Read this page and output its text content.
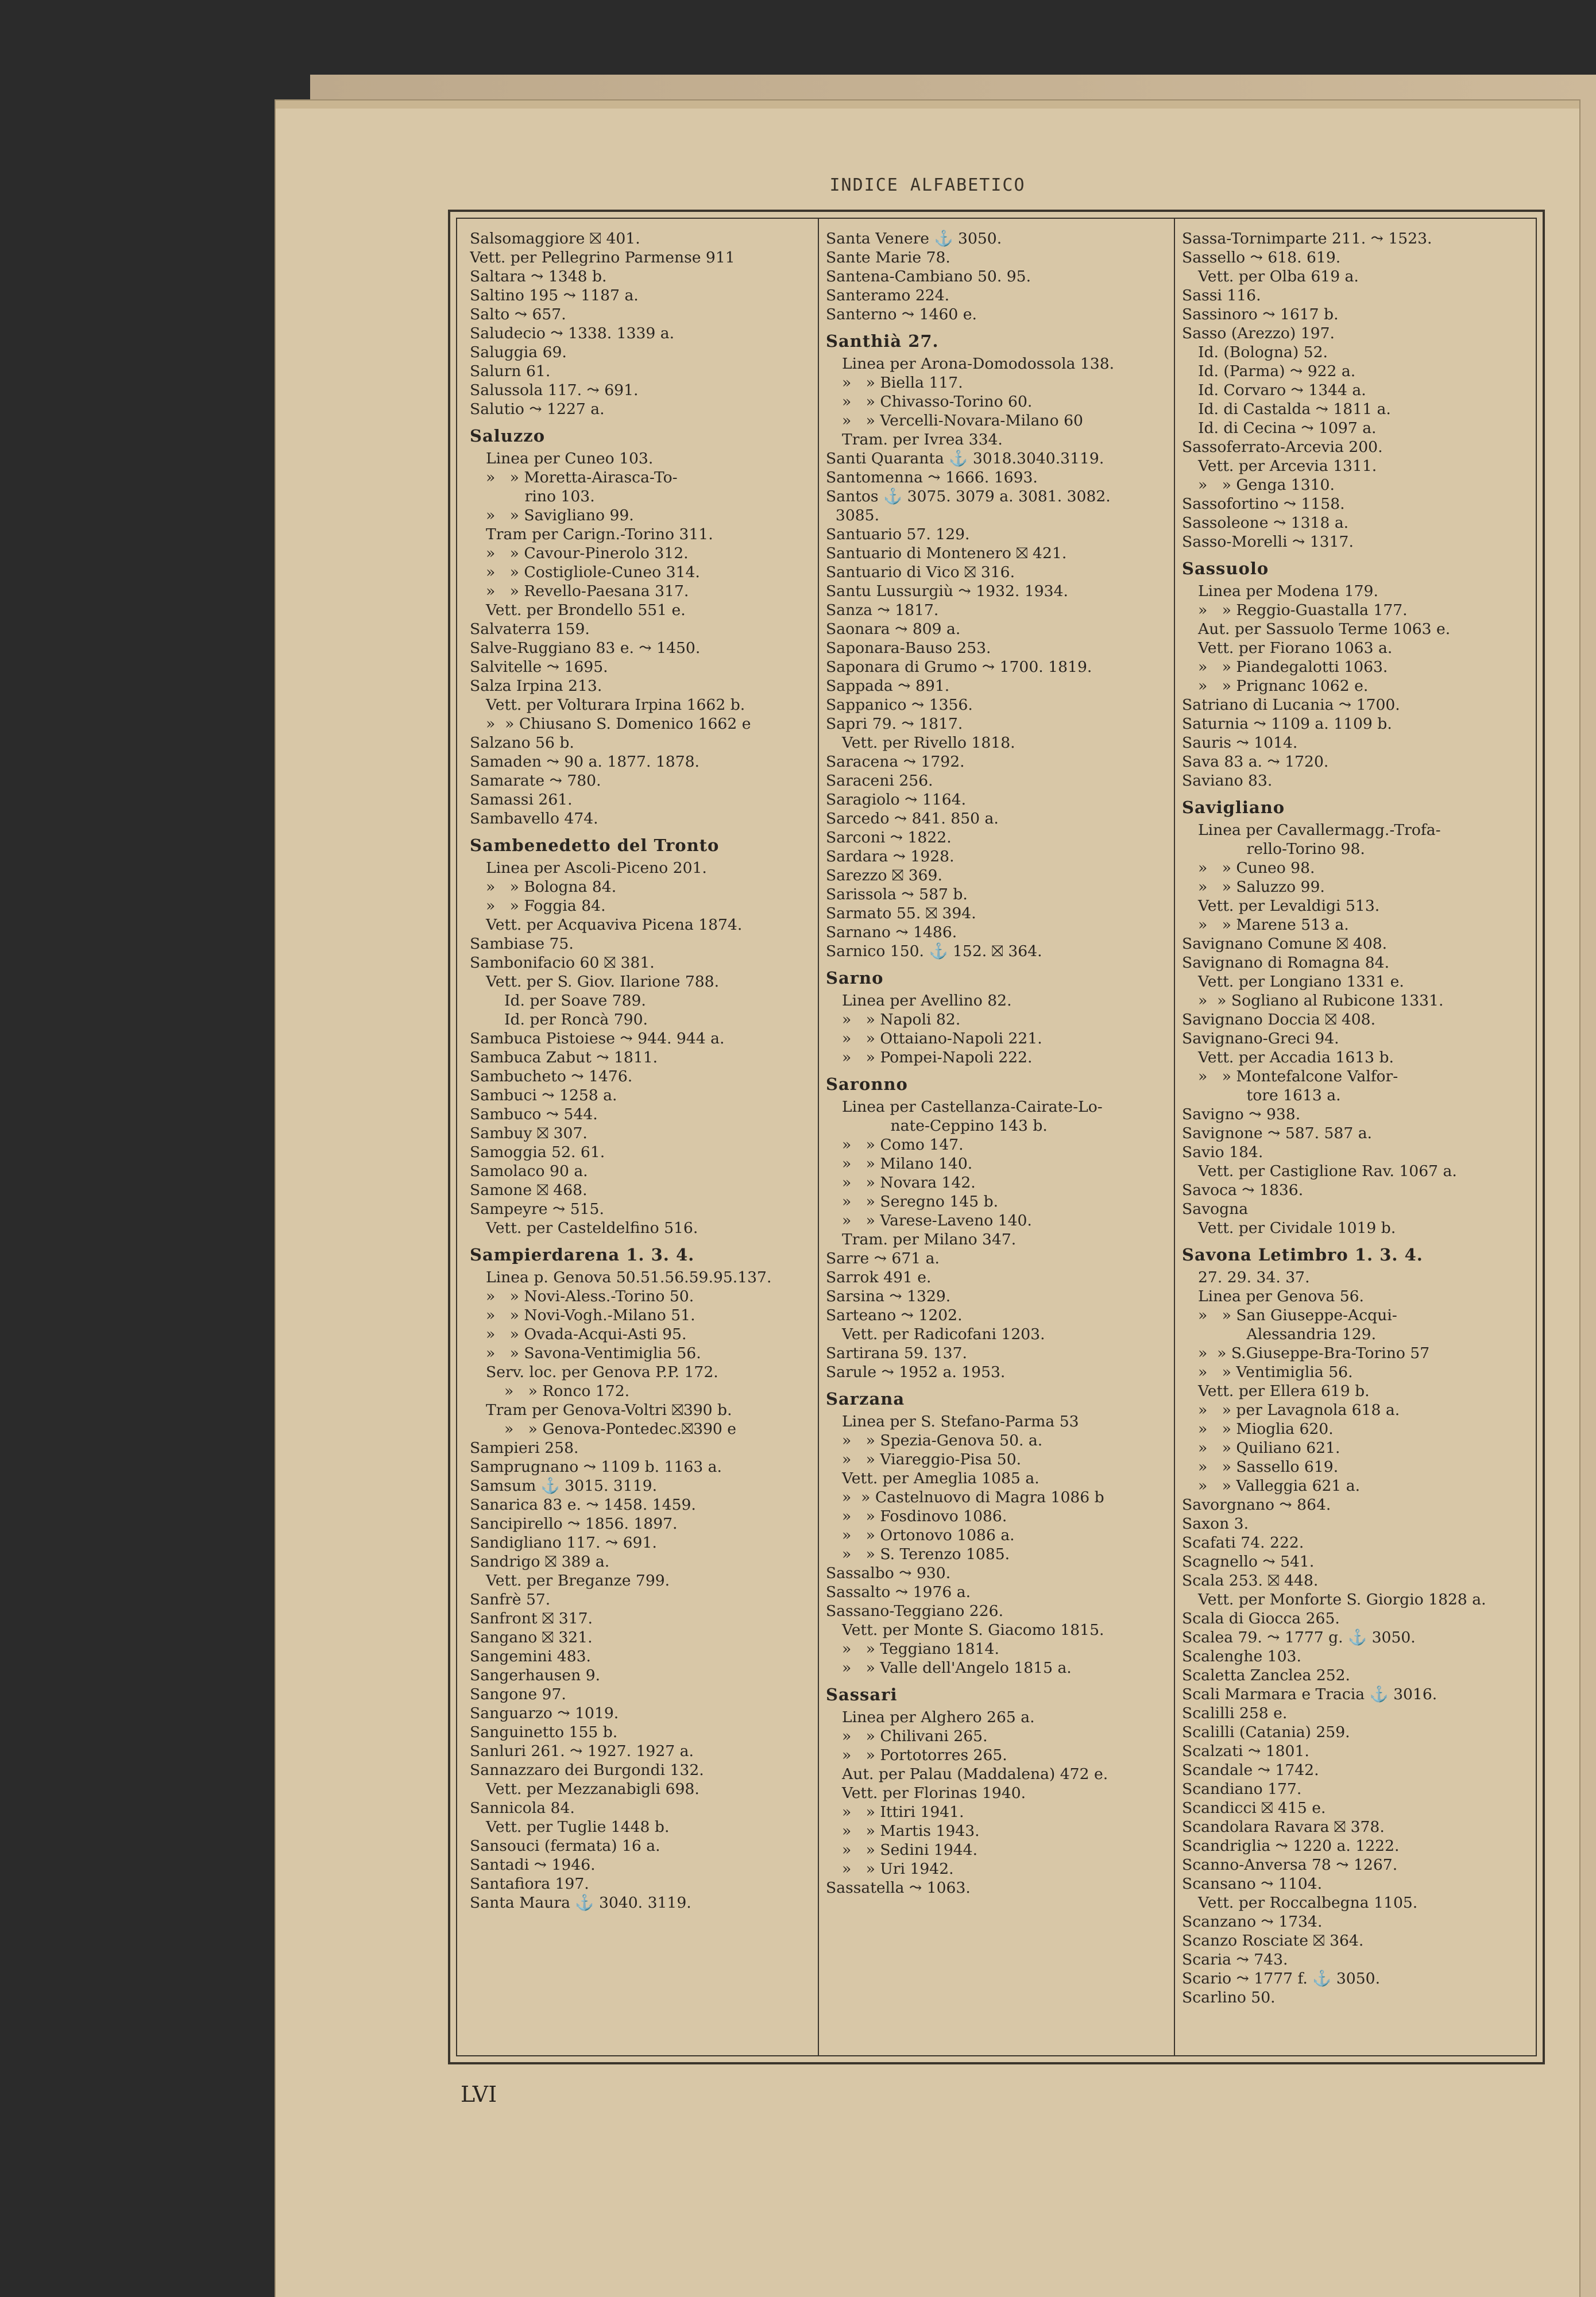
INDICE ALFABETICO
Salsomaggiore ⛝ 401.
Vett. per Pellegrino Parmense 911
Saltara ⤳ 1348 b.
Saltino 195 ⤳ 1187 a.
Salto ⤳ 657.
Saludecio ⤳ 1338. 1339 a.
Saluggia 69.
Salurn 61.
Salussola 117. ⤳ 691.
Salutio ⤳ 1227 a.
Saluzzo
Linea per Cuneo 103.
»   » Moretta-Airasca-To-
rino 103.
»   » Savigliano 99.
Tram per Carign.-Torino 311.
»   » Cavour-Pinerolo 312.
»   » Costigliole-Cuneo 314.
»   » Revello-Paesana 317.
Vett. per Brondello 551 e.
Salvaterra 159.
Salve-Ruggiano 83 e. ⤳ 1450.
Salvitelle ⤳ 1695.
Salza Irpina 213.
Vett. per Volturara Irpina 1662 b.
»  » Chiusano S. Domenico 1662 e
Salzano 56 b.
Samaden ⤳ 90 a. 1877. 1878.
Samarate ⤳ 780.
Samassi 261.
Sambavello 474.
Sambenedetto del Tronto
Linea per Ascoli-Piceno 201.
»   » Bologna 84.
»   » Foggia 84.
Vett. per Acquaviva Picena 1874.
Sambiase 75.
Sambonifacio 60 ⛝ 381.
Vett. per S. Giov. Ilarione 788.
Id. per Soave 789.
Id. per Roncà 790.
Sambuca Pistoiese ⤳ 944. 944 a.
Sambuca Zabut ⤳ 1811.
Sambucheto ⤳ 1476.
Sambuci ⤳ 1258 a.
Sambuco ⤳ 544.
Sambuy ⛝ 307.
Samoggia 52. 61.
Samolaco 90 a.
Samone ⛝ 468.
Sampeyre ⤳ 515.
Vett. per Casteldelfino 516.
Sampierdarena 1. 3. 4.
Linea p. Genova 50.51.56.59.95.137.
»   » Novi-Aless.-Torino 50.
»   » Novi-Vogh.-Milano 51.
»   » Ovada-Acqui-Asti 95.
»   » Savona-Ventimiglia 56.
Serv. loc. per Genova P.P. 172.
»   » Ronco 172.
Tram per Genova-Voltri ⛝390 b.
»   » Genova-Pontedec.⛝390 e
Sampieri 258.
Samprugnano ⤳ 1109 b. 1163 a.
Samsum ⚓ 3015. 3119.
Sanarica 83 e. ⤳ 1458. 1459.
Sancipirello ⤳ 1856. 1897.
Sandigliano 117. ⤳ 691.
Sandrigo ⛝ 389 a.
Vett. per Breganze 799.
Sanfrè 57.
Sanfront ⛝ 317.
Sangano ⛝ 321.
Sangemini 483.
Sangerhausen 9.
Sangone 97.
Sanguarzo ⤳ 1019.
Sanguinetto 155 b.
Sanluri 261. ⤳ 1927. 1927 a.
Sannazzaro dei Burgondi 132.
Vett. per Mezzanabigli 698.
Sannicola 84.
Vett. per Tuglie 1448 b.
Sansouci (fermata) 16 a.
Santadi ⤳ 1946.
Santafiora 197.
Santa Maura ⚓ 3040. 3119.
Santa Venere ⚓ 3050.
Sante Marie 78.
Santena-Cambiano 50. 95.
Santeramo 224.
Santerno ⤳ 1460 e.
Santhià 27.
Linea per Arona-Domodossola 138.
»   » Biella 117.
»   » Chivasso-Torino 60.
»   » Vercelli-Novara-Milano 60
Tram. per Ivrea 334.
Santi Quaranta ⚓ 3018.3040.3119.
Santomenna ⤳ 1666. 1693.
Santos ⚓ 3075. 3079 a. 3081. 3082.
3085.
Santuario 57. 129.
Santuario di Montenero ⛝ 421.
Santuario di Vico ⛝ 316.
Santu Lussurgiù ⤳ 1932. 1934.
Sanza ⤳ 1817.
Saonara ⤳ 809 a.
Saponara-Bauso 253.
Saponara di Grumo ⤳ 1700. 1819.
Sappada ⤳ 891.
Sappanico ⤳ 1356.
Sapri 79. ⤳ 1817.
Vett. per Rivello 1818.
Saracena ⤳ 1792.
Saraceni 256.
Saragiolo ⤳ 1164.
Sarcedo ⤳ 841. 850 a.
Sarconi ⤳ 1822.
Sardara ⤳ 1928.
Sarezzo ⛝ 369.
Sarissola ⤳ 587 b.
Sarmato 55. ⛝ 394.
Sarnano ⤳ 1486.
Sarnico 150. ⚓ 152. ⛝ 364.
Sarno
Linea per Avellino 82.
»   » Napoli 82.
»   » Ottaiano-Napoli 221.
»   » Pompei-Napoli 222.
Saronno
Linea per Castellanza-Cairate-Lo-
nate-Ceppino 143 b.
»   » Como 147.
»   » Milano 140.
»   » Novara 142.
»   » Seregno 145 b.
»   » Varese-Laveno 140.
Tram. per Milano 347.
Sarre ⤳ 671 a.
Sarrok 491 e.
Sarsina ⤳ 1329.
Sarteano ⤳ 1202.
Vett. per Radicofani 1203.
Sartirana 59. 137.
Sarule ⤳ 1952 a. 1953.
Sarzana
Linea per S. Stefano-Parma 53
»   » Spezia-Genova 50. a.
»   » Viareggio-Pisa 50.
Vett. per Ameglia 1085 a.
»  » Castelnuovo di Magra 1086 b
»   » Fosdinovo 1086.
»   » Ortonovo 1086 a.
»   » S. Terenzo 1085.
Sassalbo ⤳ 930.
Sassalto ⤳ 1976 a.
Sassano-Teggiano 226.
Vett. per Monte S. Giacomo 1815.
»   » Teggiano 1814.
»   » Valle dell'Angelo 1815 a.
Sassari
Linea per Alghero 265 a.
»   » Chilivani 265.
»   » Portotorres 265.
Aut. per Palau (Maddalena) 472 e.
Vett. per Florinas 1940.
»   » Ittiri 1941.
»   » Martis 1943.
»   » Sedini 1944.
»   » Uri 1942.
Sassatella ⤳ 1063.
Sassa-Tornimparte 211. ⤳ 1523.
Sassello ⤳ 618. 619.
Vett. per Olba 619 a.
Sassi 116.
Sassinoro ⤳ 1617 b.
Sasso (Arezzo) 197.
Id. (Bologna) 52.
Id. (Parma) ⤳ 922 a.
Id. Corvaro ⤳ 1344 a.
Id. di Castalda ⤳ 1811 a.
Id. di Cecina ⤳ 1097 a.
Sassoferrato-Arcevia 200.
Vett. per Arcevia 1311.
»   » Genga 1310.
Sassofortino ⤳ 1158.
Sassoleone ⤳ 1318 a.
Sasso-Morelli ⤳ 1317.
Sassuolo
Linea per Modena 179.
»   » Reggio-Guastalla 177.
Aut. per Sassuolo Terme 1063 e.
Vett. per Fiorano 1063 a.
»   » Piandegalotti 1063.
»   » Prignanc 1062 e.
Satriano di Lucania ⤳ 1700.
Saturnia ⤳ 1109 a. 1109 b.
Sauris ⤳ 1014.
Sava 83 a. ⤳ 1720.
Saviano 83.
Savigliano
Linea per Cavallermagg.-Trofa-
rello-Torino 98.
»   » Cuneo 98.
»   » Saluzzo 99.
Vett. per Levaldigi 513.
»   » Marene 513 a.
Savignano Comune ⛝ 408.
Savignano di Romagna 84.
Vett. per Longiano 1331 e.
»  » Sogliano al Rubicone 1331.
Savignano Doccia ⛝ 408.
Savignano-Greci 94.
Vett. per Accadia 1613 b.
»   » Montefalcone Valfor-
tore 1613 a.
Savigno ⤳ 938.
Savignone ⤳ 587. 587 a.
Savio 184.
Vett. per Castiglione Rav. 1067 a.
Savoca ⤳ 1836.
Savogna
Vett. per Cividale 1019 b.
Savona Letimbro 1. 3. 4.
27. 29. 34. 37.
Linea per Genova 56.
»   » San Giuseppe-Acqui-
Alessandria 129.
»  » S.Giuseppe-Bra-Torino 57
»   » Ventimiglia 56.
Vett. per Ellera 619 b.
»   » per Lavagnola 618 a.
»   » Mioglia 620.
»   » Quiliano 621.
»   » Sassello 619.
»   » Valleggia 621 a.
Savorgnano ⤳ 864.
Saxon 3.
Scafati 74. 222.
Scagnello ⤳ 541.
Scala 253. ⛝ 448.
Vett. per Monforte S. Giorgio 1828 a.
Scala di Giocca 265.
Scalea 79. ⤳ 1777 g. ⚓ 3050.
Scalenghe 103.
Scaletta Zanclea 252.
Scali Marmara e Tracia ⚓ 3016.
Scalilli 258 e.
Scalilli (Catania) 259.
Scalzati ⤳ 1801.
Scandale ⤳ 1742.
Scandiano 177.
Scandicci ⛝ 415 e.
Scandolara Ravara ⛝ 378.
Scandriglia ⤳ 1220 a. 1222.
Scanno-Anversa 78 ⤳ 1267.
Scansano ⤳ 1104.
Vett. per Roccalbegna 1105.
Scanzano ⤳ 1734.
Scanzo Rosciate ⛝ 364.
Scaria ⤳ 743.
Scario ⤳ 1777 f. ⚓ 3050.
Scarlino 50.
LVI
